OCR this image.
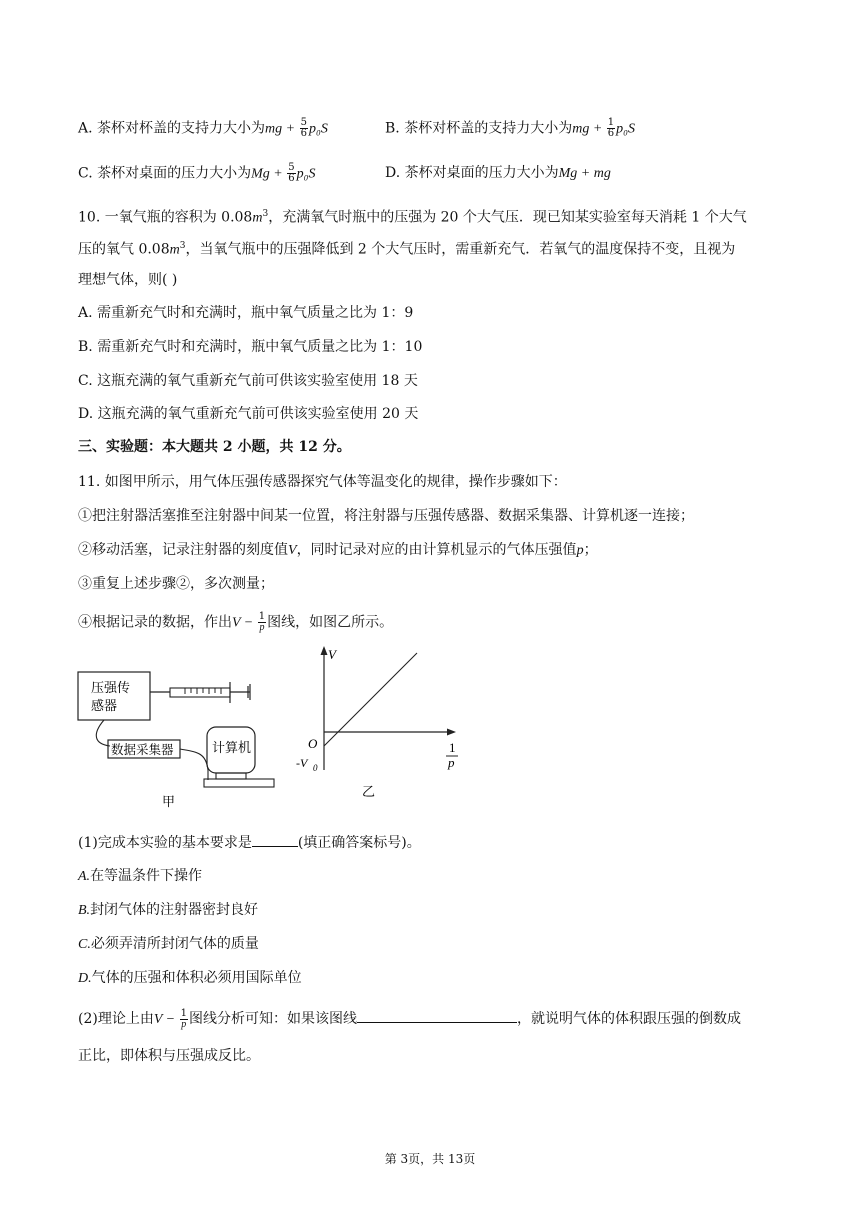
A. 茶杯对杯盖的支持力大小为mg + $\frac{5}{6} p_0S$	B. 茶杯对杯盖的支持力大小为mg + $\frac{1}{6} p_0S$
C. 茶杯对桌面的压力大小为$Mg + \frac{5}{6} p_0S$	D. 茶杯对桌面的压力大小为Mg + mg
10. 一氧气瓶的容积为 $0.08m^3$，充满氧气时瓶中的压强为 20 个大气压．现已知某实验室每天消耗 1 个大气
压的氧气 $0.08m^3$，当氧气瓶中的压强降低到 2 个大气压时，需重新充气．若氧气的温度保持不变，且视为
理想气体，则( )
A. 需重新充气时和充满时，瓶中氧气质量之比为 1：9
B. 需重新充气时和充满时，瓶中氧气质量之比为 1：10
C. 这瓶充满的氧气重新充气前可供该实验室使用 18 天
D. 这瓶充满的氧气重新充气前可供该实验室使用 20 天
三、实验题：本大题共 2 小题，共 12 分。
11. 如图甲所示，用气体压强传感器探究气体等温变化的规律，操作步骤如下：
①把注射器活塞推至注射器中间某一位置，将注射器与压强传感器、数据采集器、计算机逐一连接；
②移动活塞，记录注射器的刻度值V，同时记录对应的由计算机显示的气体压强值p；
③重复上述步骤②，多次测量；
④根据记录的数据，作出$V - \frac{1}{p}$ 图线，如图乙所示。
压强传
感器
数据采集器	计算机
甲
V
O
-V 0
1
p
乙
(1)完成本实验的基本要求是	(填正确答案标号)。
A.在等温条件下操作
B.封闭气体的注射器密封良好
C.必须弄清所封闭气体的质量
D.气体的压强和体积必须用国际单位
(2)理论上由$V - \frac{1}{p}$ 图线分析可知：如果该图线	，就说明气体的体积跟压强的倒数成
正比，即体积与压强成反比。
第 3页，共 13页
